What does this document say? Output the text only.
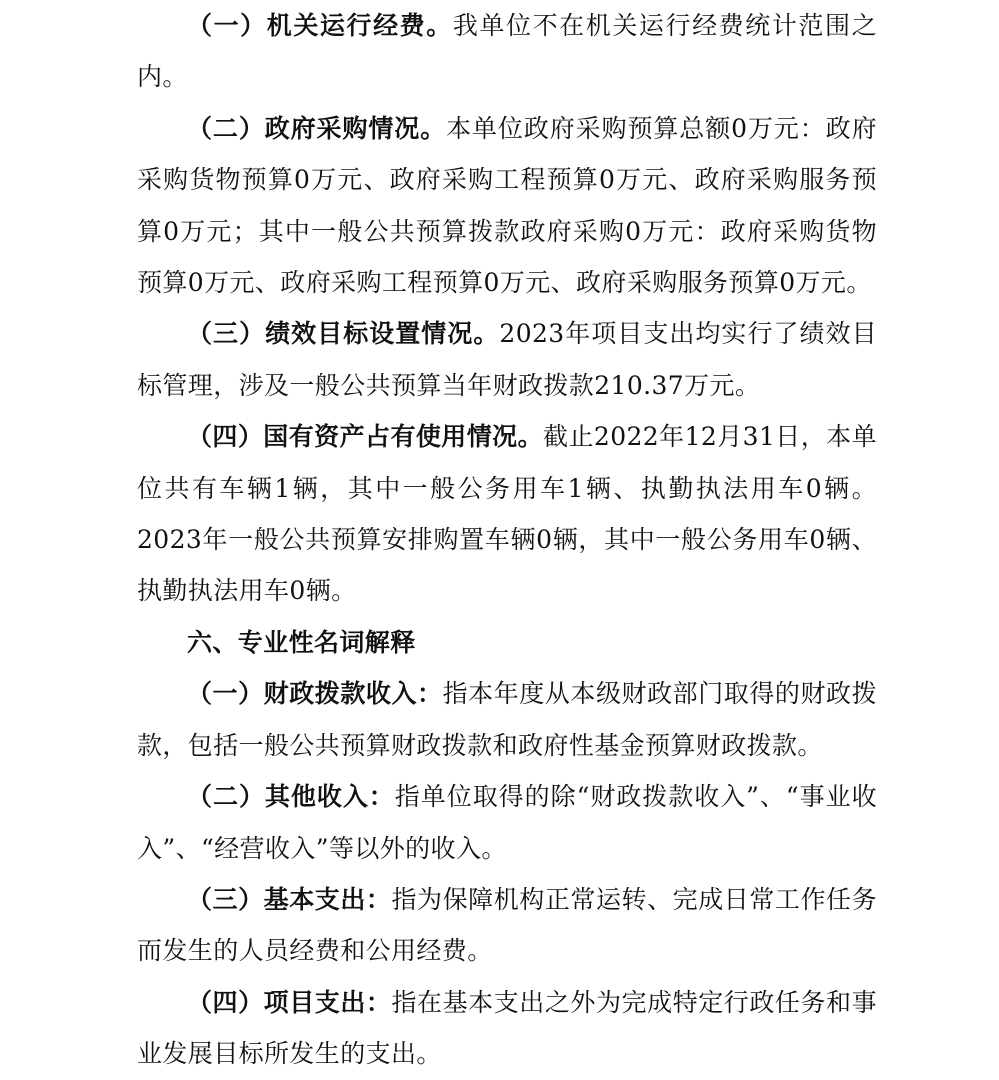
（一）机关运行经费。我单位不在机关运行经费统计范围之内。

（二）政府采购情况。本单位政府采购预算总额0万元：政府采购货物预算0万元、政府采购工程预算0万元、政府采购服务预算0万元；其中一般公共预算拨款政府采购0万元：政府采购货物预算0万元、政府采购工程预算0万元、政府采购服务预算0万元。

（三）绩效目标设置情况。2023年项目支出均实行了绩效目标管理，涉及一般公共预算当年财政拨款210.37万元。

（四）国有资产占有使用情况。截止2022年12月31日，本单位共有车辆1辆，其中一般公务用车1辆、执勤执法用车0辆。2023年一般公共预算安排购置车辆0辆，其中一般公务用车0辆、执勤执法用车0辆。

六、专业性名词解释

（一）财政拨款收入：指本年度从本级财政部门取得的财政拨款，包括一般公共预算财政拨款和政府性基金预算财政拨款。

（二）其他收入：指单位取得的除“财政拨款收入”、“事业收入”、“经营收入”等以外的收入。

（三）基本支出：指为保障机构正常运转、完成日常工作任务而发生的人员经费和公用经费。

（四）项目支出：指在基本支出之外为完成特定行政任务和事业发展目标所发生的支出。
